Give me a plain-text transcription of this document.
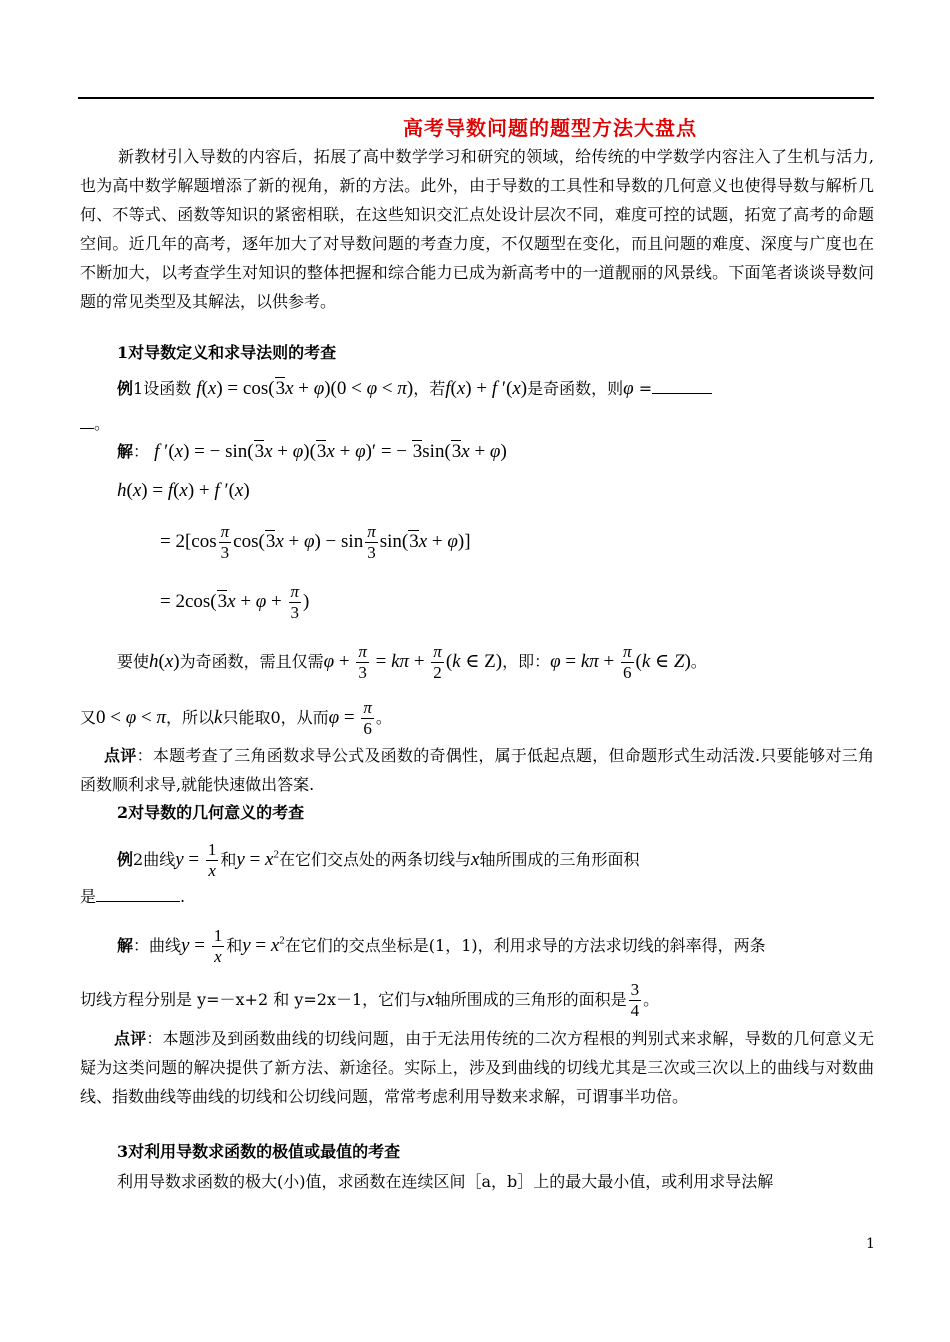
高考导数问题的题型方法大盘点
新教材引入导数的内容后，拓展了高中数学学习和研究的领域，给传统的中学数学内容注入了生机与活力,也为高中数学解题增添了新的视角，新的方法。此外，由于导数的工具性和导数的几何意义也使得导数与解析几何、不等式、函数等知识的紧密相联，在这些知识交汇点处设计层次不同，难度可控的试题，拓宽了高考的命题空间。近几年的高考，逐年加大了对导数问题的考查力度，不仅题型在变化，而且问题的难度、深度与广度也在不断加大，以考查学生对知识的整体把握和综合能力已成为新高考中的一道靓丽的风景线。下面笔者谈谈导数问题的常见类型及其解法，以供参考。
1对导数定义和求导法则的考查
例1设函数 f(x) = cos(3x + φ)(0 < φ < π)，若f(x) + f ′(x)是奇函数，则φ =
。
解： f ′(x) = − sin(3x + φ)(3x + φ)′ = − 3sin(3x + φ)
h(x) = f(x) + f ′(x)
= $2[\cos \frac{\pi}{3} \cos(3x + \varphi) - \sin \frac{\pi}{3} \sin(3x + \varphi)]$
= $2\cos(3x + \varphi + \frac{\pi}{3}$ )
要使h(x)为奇函数，需且仅需$\varphi + \frac{\pi}{3} = k\pi + \frac{\pi}{2} (k$ ∈ Z)，即：$\varphi = k\pi + \frac{\pi}{6} (k$ ∈ Z)。
又0 < φ < π，所以k只能取0，从而$\varphi = \frac{\pi}{6}$ 。
点评：本题考查了三角函数求导公式及函数的奇偶性，属于低起点题，但命题形式生动活泼.只要能够对三角函数顺利求导,就能快速做出答案.
2对导数的几何意义的考查
例2曲线$y = \frac{1}{x}$ 和$y = x^2$在它们交点处的两条切线与x轴所围成的三角形面积
是	.
解：曲线$y = \frac{1}{x}$ 和$y = x^2$在它们的交点坐标是(1，1)，利用求导的方法求切线的斜率得，两条
切线方程分别是 y=－x+2 和 y=2x－1，它们与x轴所围成的三角形的面积是 $\frac{3}{4}$ 。
点评：本题涉及到函数曲线的切线问题，由于无法用传统的二次方程根的判别式来求解，导数的几何意义无疑为这类问题的解决提供了新方法、新途径。实际上，涉及到曲线的切线尤其是三次或三次以上的曲线与对数曲线、指数曲线等曲线的切线和公切线问题，常常考虑利用导数来求解，可谓事半功倍。
3对利用导数求函数的极值或最值的考查
利用导数求函数的极大(小)值，求函数在连续区间［a，b］上的最大最小值，或利用求导法解
1
